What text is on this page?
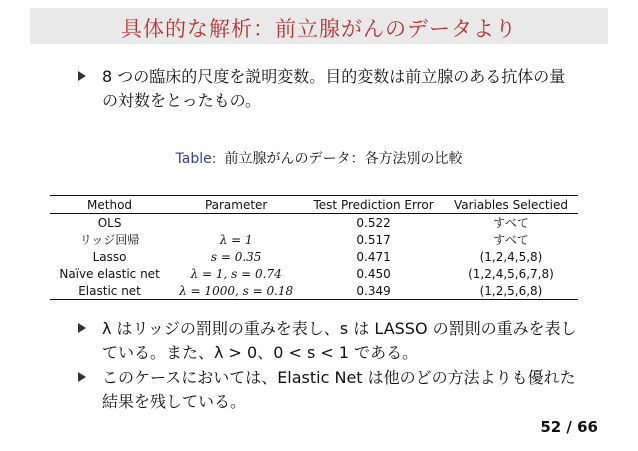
具体的な解析：前立腺がんのデータより
8 つの臨床的尺度を説明変数。目的変数は前立腺のある抗体の量の対数をとったもの。
Table: 前立腺がんのデータ：各方法別の比較
Method	Parameter	Test Prediction Error	Variables Selectied
OLS		0.522	すべて
リッジ回帰	λ = 1	0.517	すべて
Lasso	s = 0.35	0.471	(1,2,4,5,8)
Naïve elastic net	λ = 1, s = 0.74	0.450	(1,2,4,5,6,7,8)
Elastic net	λ = 1000, s = 0.18	0.349	(1,2,5,6,8)
λ はリッジの罰則の重みを表し、s は LASSO の罰則の重みを表している。また、λ > 0、0 < s < 1 である。
このケースにおいては、Elastic Net は他のどの方法よりも優れた結果を残している。
52 / 66
